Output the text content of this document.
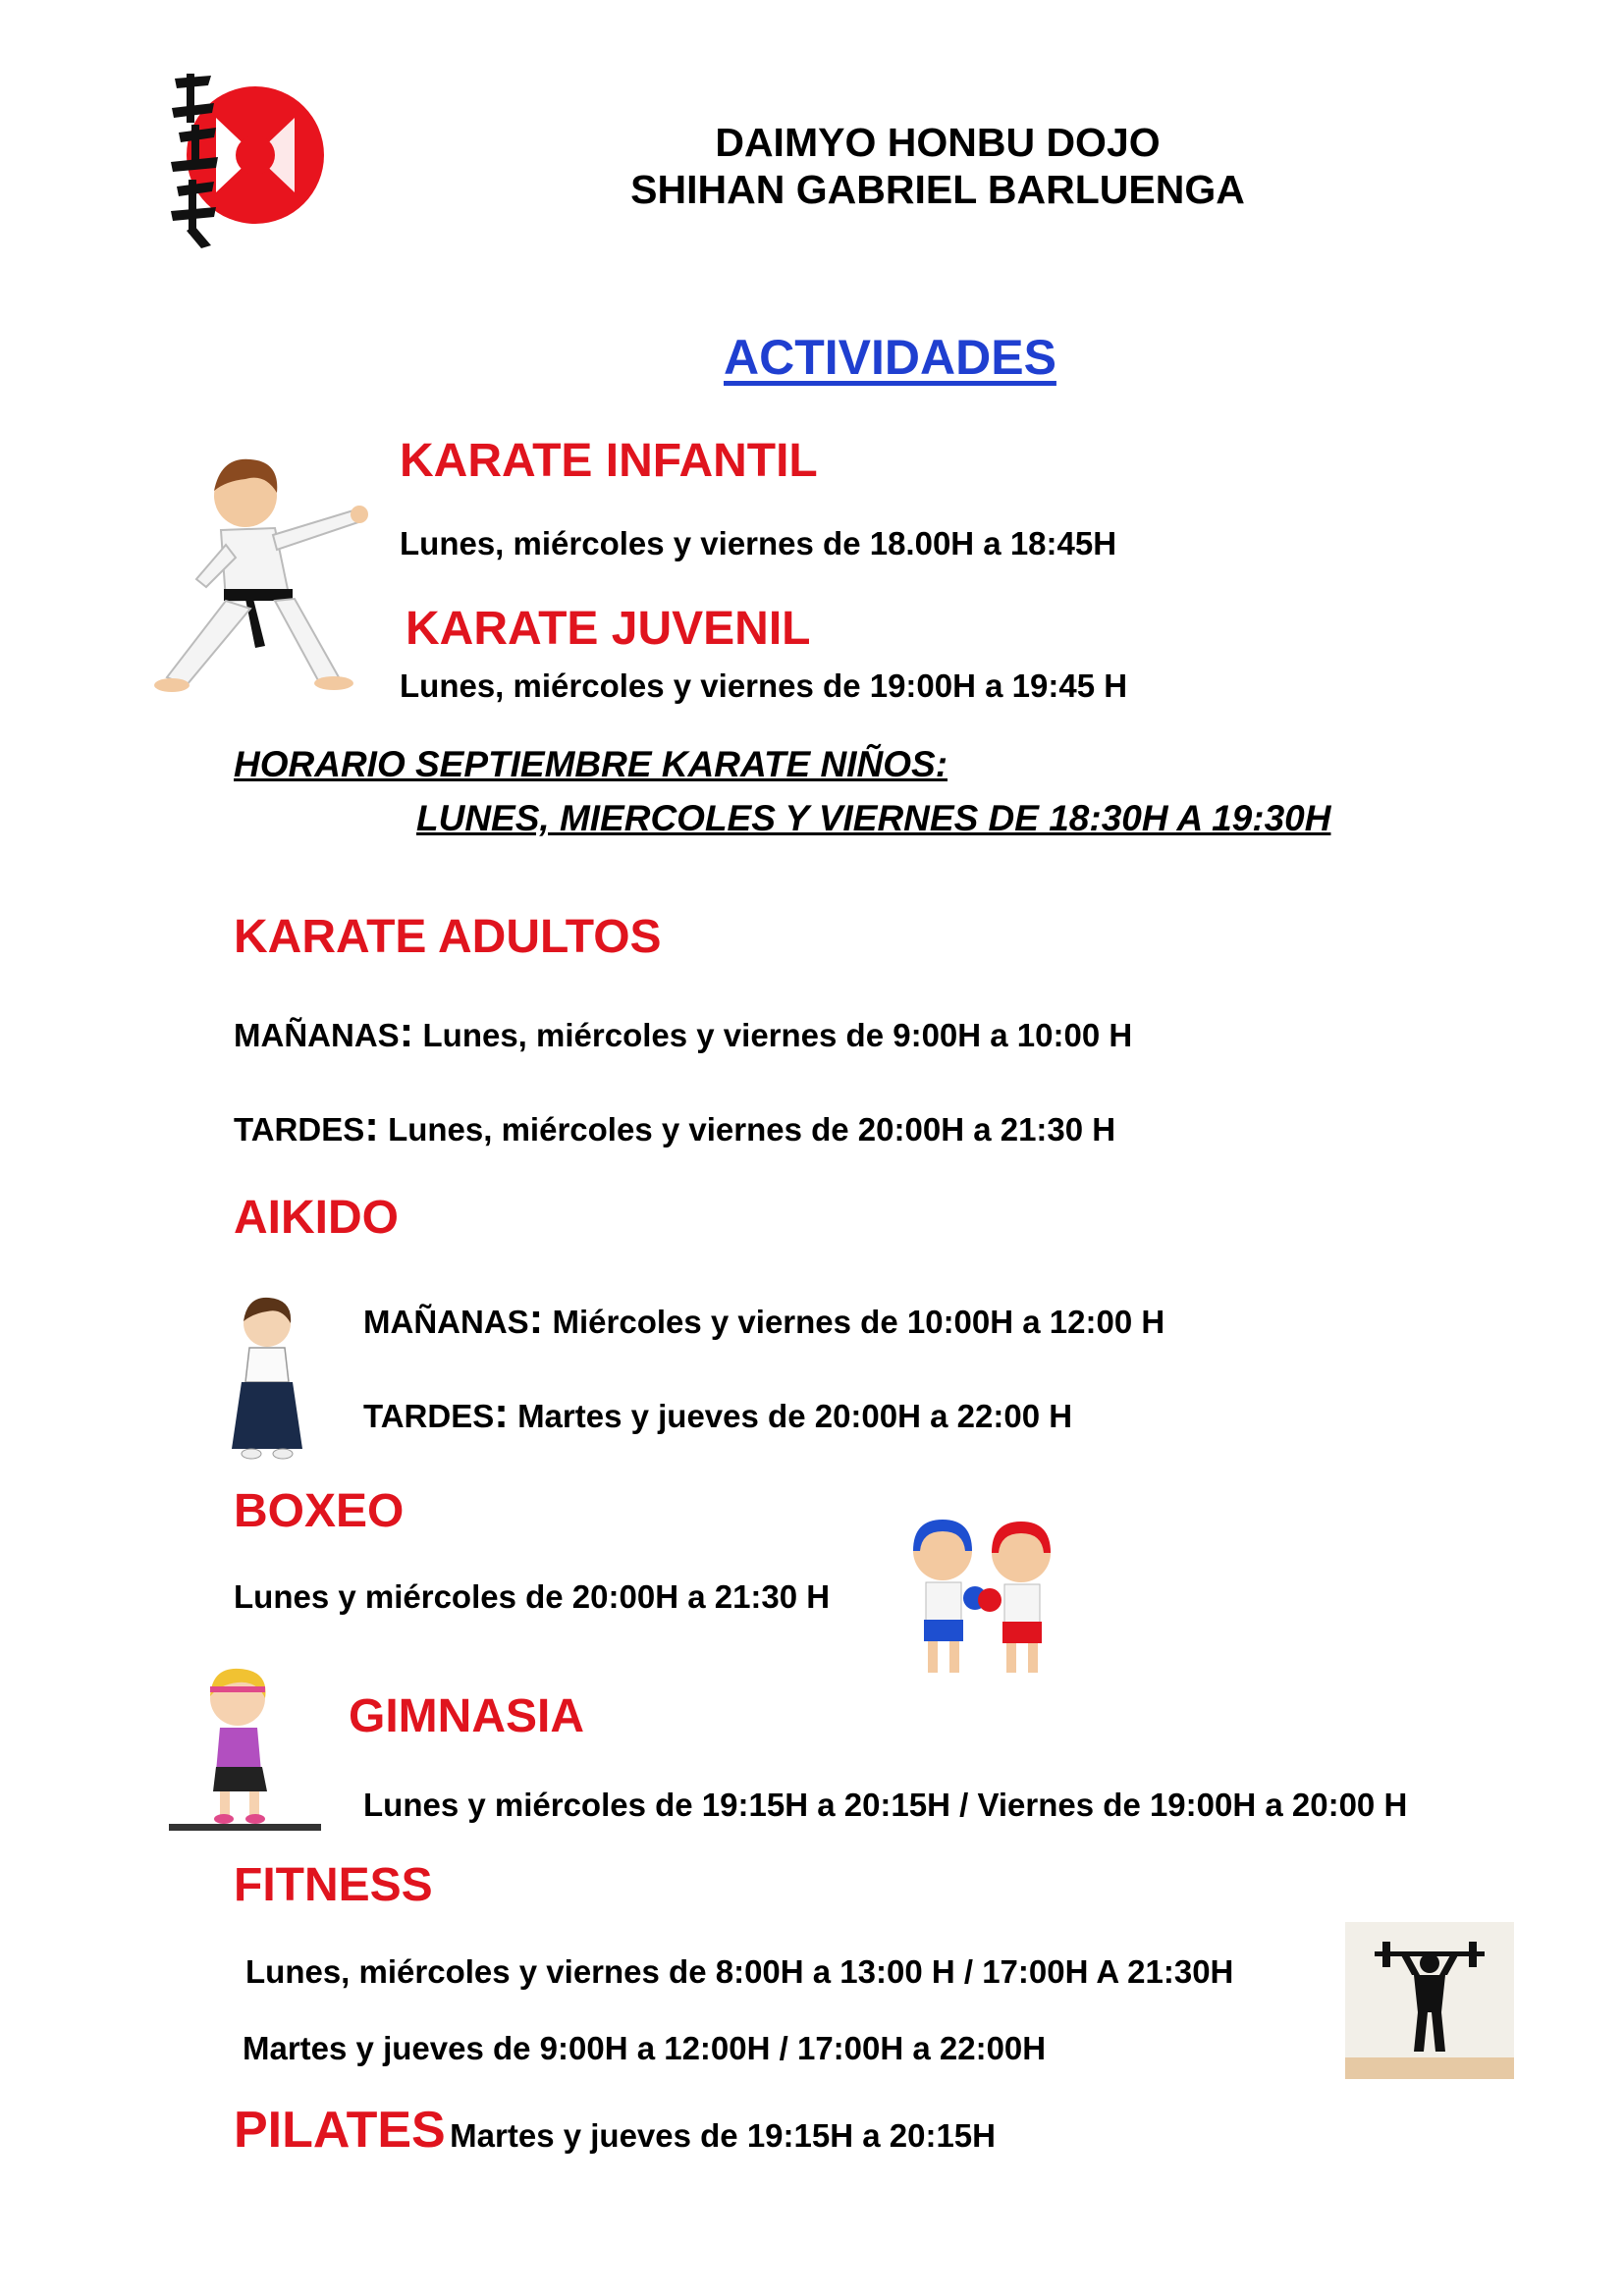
DAIMYO HONBU DOJO
SHIHAN GABRIEL BARLUENGA
ACTIVIDADES
KARATE INFANTIL
Lunes, miércoles y viernes de 18.00H a 18:45H
KARATE JUVENIL
Lunes, miércoles y viernes de 19:00H a 19:45 H
HORARIO SEPTIEMBRE KARATE NIÑOS:
LUNES, MIERCOLES Y VIERNES DE 18:30H A 19:30H
KARATE ADULTOS
MAÑANAS: Lunes, miércoles y viernes de 9:00H a 10:00 H
TARDES: Lunes, miércoles y viernes de 20:00H a 21:30 H
AIKIDO
MAÑANAS: Miércoles y viernes de 10:00H a 12:00 H
TARDES: Martes y jueves de 20:00H a 22:00 H
BOXEO
Lunes y miércoles de 20:00H a 21:30 H
GIMNASIA
Lunes y miércoles de 19:15H a 20:15H / Viernes de 19:00H a 20:00 H
FITNESS
Lunes, miércoles y viernes de 8:00H a 13:00 H / 17:00H A 21:30H
Martes y jueves de 9:00H a 12:00H / 17:00H a 22:00H
PILATES Martes y jueves de 19:15H a 20:15H
